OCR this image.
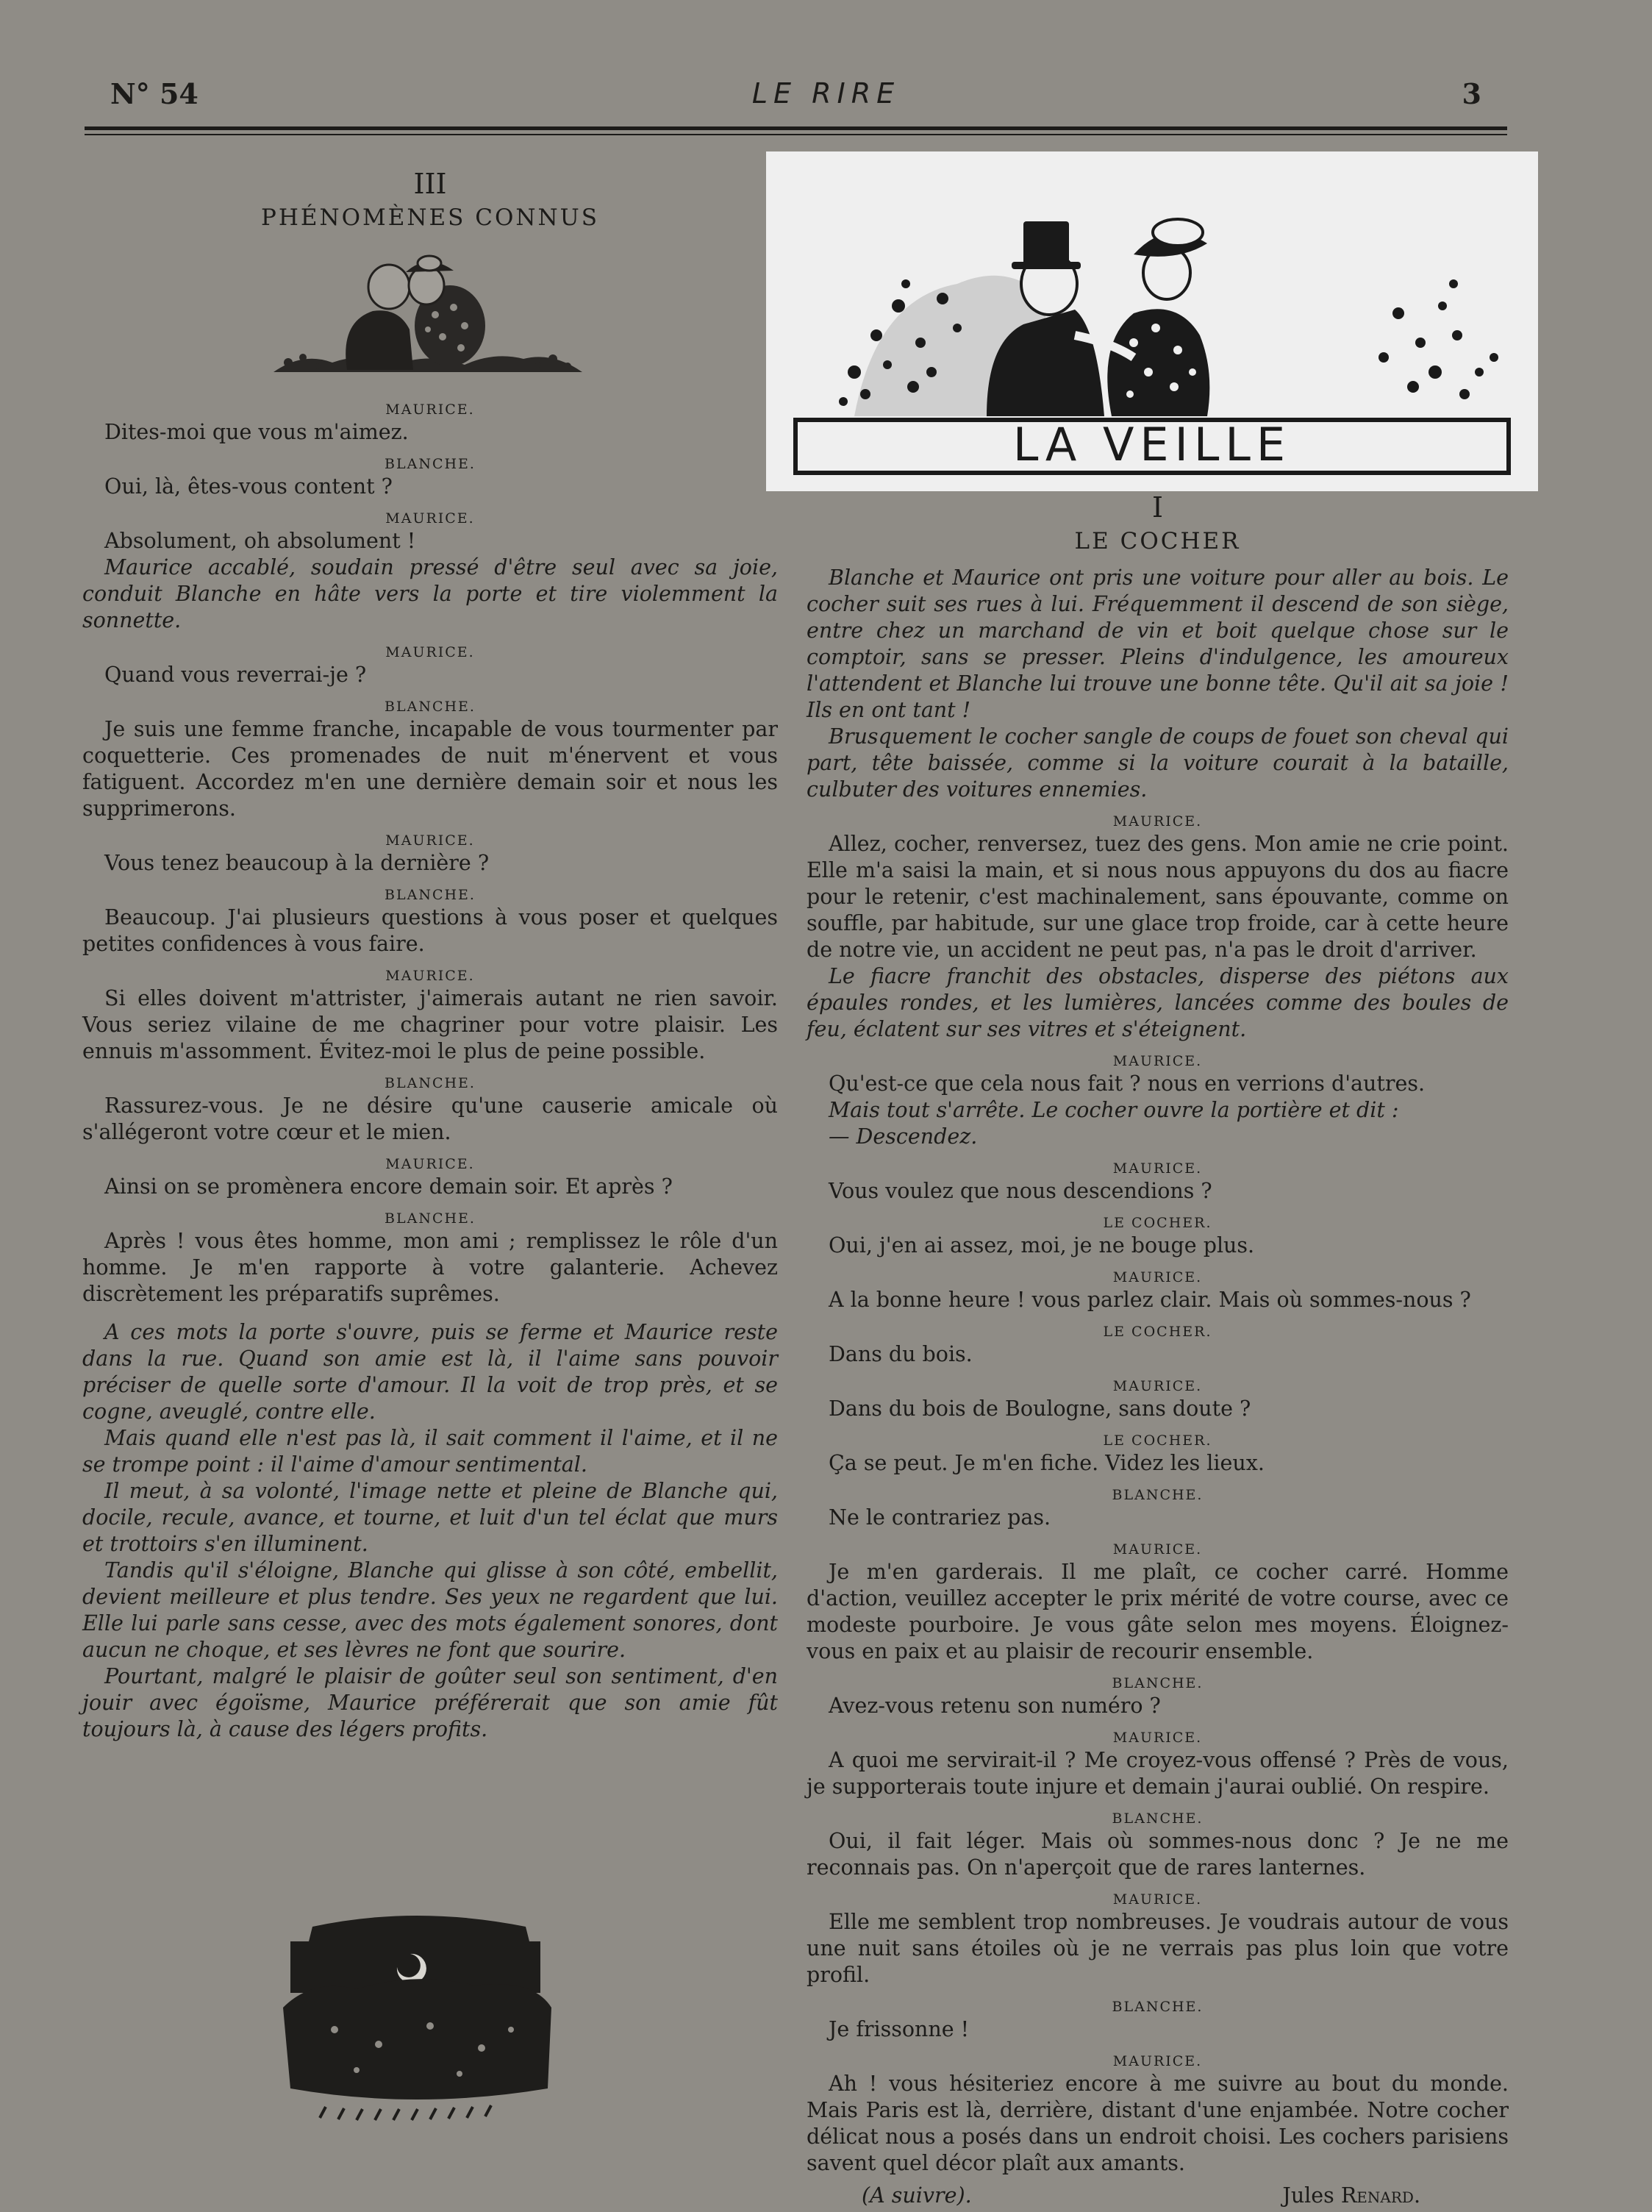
N° 54	LE RIRE	3
III
PHÉNOMÈNES CONNUS
MAURICE.
Dites-moi que vous m'aimez.
BLANCHE.
Oui, là, êtes-vous content ?
MAURICE.
Absolument, oh absolument !
Maurice accablé, soudain pressé d'être seul avec sa joie, conduit Blanche en hâte vers la porte et tire violemment la sonnette.
MAURICE.
Quand vous reverrai-je ?
BLANCHE.
Je suis une femme franche, incapable de vous tourmenter par coquetterie. Ces promenades de nuit m'énervent et vous fatiguent. Accordez m'en une dernière demain soir et nous les supprimerons.
MAURICE.
Vous tenez beaucoup à la dernière ?
BLANCHE.
Beaucoup. J'ai plusieurs questions à vous poser et quelques petites confidences à vous faire.
MAURICE.
Si elles doivent m'attrister, j'aimerais autant ne rien savoir. Vous seriez vilaine de me chagriner pour votre plaisir. Les ennuis m'assomment. Évitez-moi le plus de peine possible.
BLANCHE.
Rassurez-vous. Je ne désire qu'une causerie amicale où s'allégeront votre cœur et le mien.
MAURICE.
Ainsi on se promènera encore demain soir. Et après ?
BLANCHE.
Après ! vous êtes homme, mon ami ; remplissez le rôle d'un homme. Je m'en rapporte à votre galanterie. Achevez discrètement les préparatifs suprêmes.
A ces mots la porte s'ouvre, puis se ferme et Maurice reste dans la rue. Quand son amie est là, il l'aime sans pouvoir préciser de quelle sorte d'amour. Il la voit de trop près, et se cogne, aveuglé, contre elle.
Mais quand elle n'est pas là, il sait comment il l'aime, et il ne se trompe point : il l'aime d'amour sentimental.
Il meut, à sa volonté, l'image nette et pleine de Blanche qui, docile, recule, avance, et tourne, et luit d'un tel éclat que murs et trottoirs s'en illuminent.
Tandis qu'il s'éloigne, Blanche qui glisse à son côté, embellit, devient meilleure et plus tendre. Ses yeux ne regardent que lui. Elle lui parle sans cesse, avec des mots également sonores, dont aucun ne choque, et ses lèvres ne font que sourire.
Pourtant, malgré le plaisir de goûter seul son sentiment, d'en jouir avec égoïsme, Maurice préférerait que son amie fût toujours là, à cause des légers profits.
LA VEILLE
I
LE COCHER
Blanche et Maurice ont pris une voiture pour aller au bois. Le cocher suit ses rues à lui. Fréquemment il descend de son siège, entre chez un marchand de vin et boit quelque chose sur le comptoir, sans se presser. Pleins d'indulgence, les amoureux l'attendent et Blanche lui trouve une bonne tête. Qu'il ait sa joie ! Ils en ont tant !
Brusquement le cocher sangle de coups de fouet son cheval qui part, tête baissée, comme si la voiture courait à la bataille, culbuter des voitures ennemies.
MAURICE.
Allez, cocher, renversez, tuez des gens. Mon amie ne crie point. Elle m'a saisi la main, et si nous nous appuyons du dos au fiacre pour le retenir, c'est machinalement, sans épouvante, comme on souffle, par habitude, sur une glace trop froide, car à cette heure de notre vie, un accident ne peut pas, n'a pas le droit d'arriver.
Le fiacre franchit des obstacles, disperse des piétons aux épaules rondes, et les lumières, lancées comme des boules de feu, éclatent sur ses vitres et s'éteignent.
MAURICE.
Qu'est-ce que cela nous fait ? nous en verrions d'autres.
Mais tout s'arrête. Le cocher ouvre la portière et dit :
— Descendez.
MAURICE.
Vous voulez que nous descendions ?
LE COCHER.
Oui, j'en ai assez, moi, je ne bouge plus.
MAURICE.
A la bonne heure ! vous parlez clair. Mais où sommes-nous ?
LE COCHER.
Dans du bois.
MAURICE.
Dans du bois de Boulogne, sans doute ?
LE COCHER.
Ça se peut. Je m'en fiche. Videz les lieux.
BLANCHE.
Ne le contrariez pas.
MAURICE.
Je m'en garderais. Il me plaît, ce cocher carré. Homme d'action, veuillez accepter le prix mérité de votre course, avec ce modeste pourboire. Je vous gâte selon mes moyens. Éloignez-vous en paix et au plaisir de recourir ensemble.
BLANCHE.
Avez-vous retenu son numéro ?
MAURICE.
A quoi me servirait-il ? Me croyez-vous offensé ? Près de vous, je supporterais toute injure et demain j'aurai oublié. On respire.
BLANCHE.
Oui, il fait léger. Mais où sommes-nous donc ? Je ne me reconnais pas. On n'aperçoit que de rares lanternes.
MAURICE.
Elle me semblent trop nombreuses. Je voudrais autour de vous une nuit sans étoiles où je ne verrais pas plus loin que votre profil.
BLANCHE.
Je frissonne !
MAURICE.
Ah ! vous hésiteriez encore à me suivre au bout du monde. Mais Paris est là, derrière, distant d'une enjambée. Notre cocher délicat nous a posés dans un endroit choisi. Les cochers parisiens savent quel décor plaît aux amants.
(A suivre).	Jules Renard.
